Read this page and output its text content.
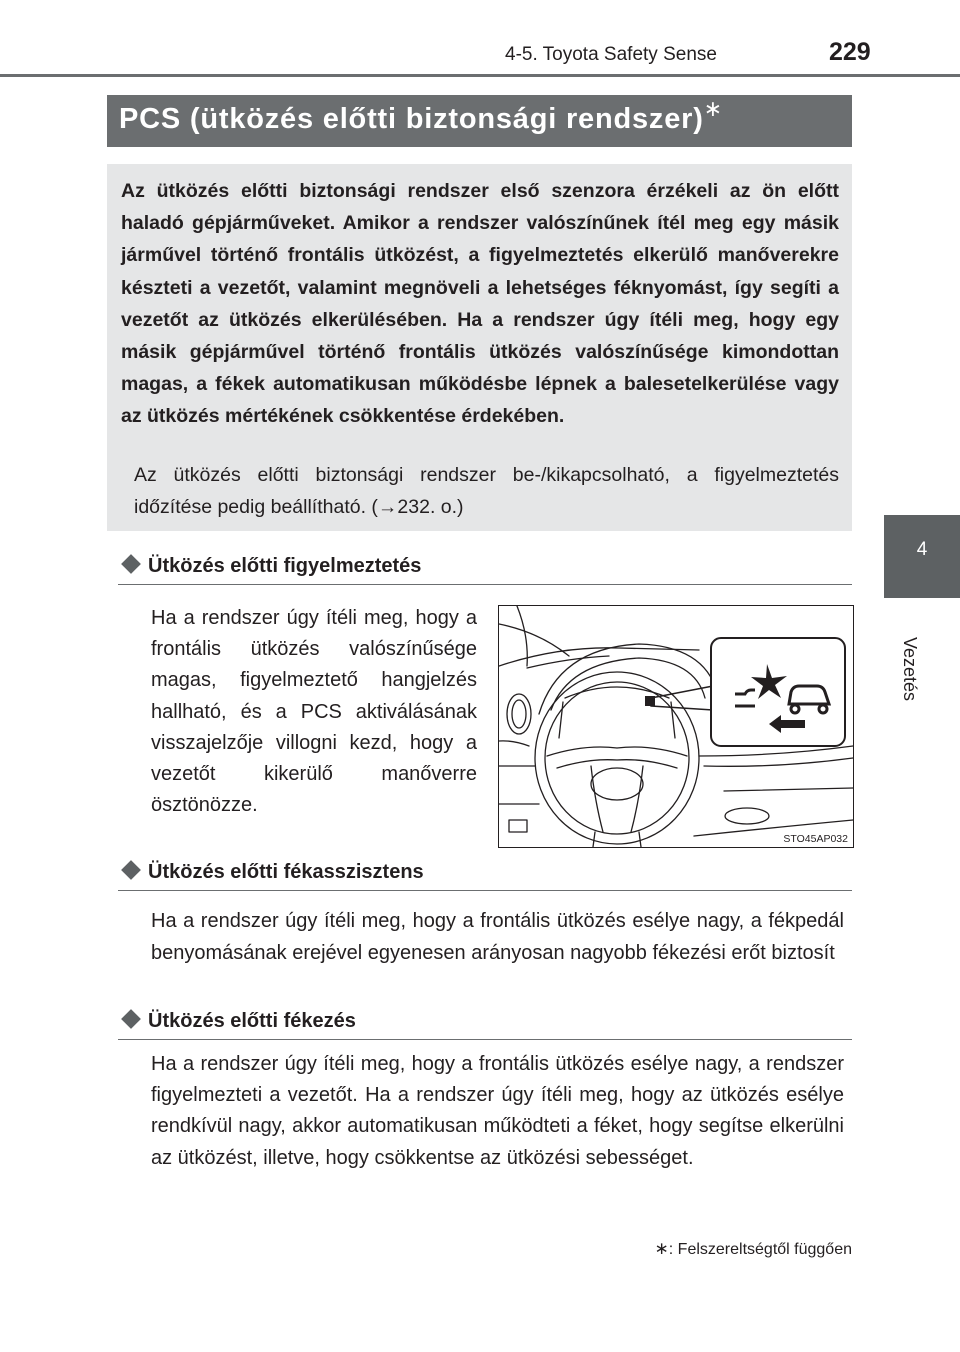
4-5. Toyota Safety Sense	229
4
Vezetés
PCS (ütközés előtti biztonsági rendszer)∗
Az ütközés előtti biztonsági rendszer első szenzora érzékeli az ön előtt haladó gépjárműveket. Amikor a rendszer valószínűnek ítél meg egy másik járművel történő frontális ütközést, a figyelmeztetés elkerülő manőverekre készteti a vezetőt, valamint megnöveli a lehetséges féknyomást, így segíti a vezetőt az ütközés elkerülésében. Ha a rendszer úgy ítéli meg, hogy egy másik gépjárművel történő frontális ütközés valószínűsége kimondottan magas, a fékek automatikusan működésbe lépnek a balesetelkerülése vagy az ütközés mértékének csökkentése érdekében.
Az ütközés előtti biztonsági rendszer be-/kikapcsolható, a figyelmeztetés időzítése pedig beállítható. (→232. o.)
Ütközés előtti figyelmeztetés
Ha a rendszer úgy ítéli meg, hogy a frontális ütközés valószínűsége magas, figyelmeztető hangjelzés hallható, és a PCS aktiválásának visszajelzője villogni kezd, hogy a vezetőt kikerülő manőverre ösztönözze.
STO45AP032
Ütközés előtti fékasszisztens
Ha a rendszer úgy ítéli meg, hogy a frontális ütközés esélye nagy, a fékpedál benyomásának erejével egyenesen arányosan nagyobb fékezési erőt biztosít
Ütközés előtti fékezés
Ha a rendszer úgy ítéli meg, hogy a frontális ütközés esélye nagy, a rendszer figyelmezteti a vezetőt. Ha a rendszer úgy ítéli meg, hogy az ütközés esélye rendkívül nagy, akkor automatikusan működteti a féket, hogy segítse elkerülni az ütközést, illetve, hogy csökkentse az ütközési sebességet.
∗: Felszereltségtől függően
